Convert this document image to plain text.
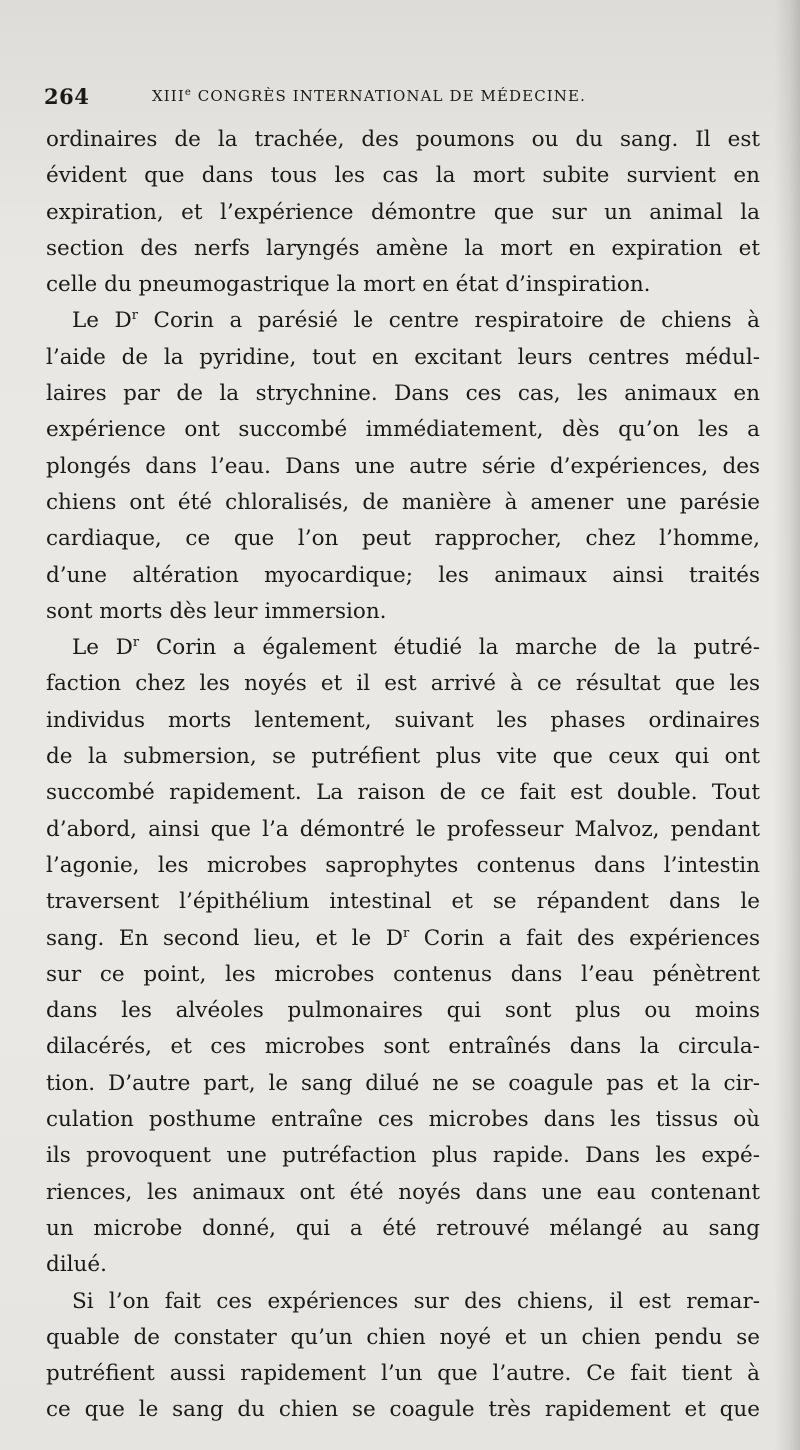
264	XIIIe CONGRÈS INTERNATIONAL DE MÉDECINE.
ordinaires de la trachée, des poumons ou du sang. Il est
évident que dans tous les cas la mort subite survient en
expiration, et l’expérience démontre que sur un animal la
section des nerfs laryngés amène la mort en expiration et
celle du pneumogastrique la mort en état d’inspiration.
Le $D^r$ Corin a parésié le centre respiratoire de chiens à
l’aide de la pyridine, tout en excitant leurs centres médul-
laires par de la strychnine. Dans ces cas, les animaux en
expérience ont succombé immédiatement, dès qu’on les a
plongés dans l’eau. Dans une autre série d’expériences, des
chiens ont été chloralisés, de manière à amener une parésie
cardiaque, ce que l’on peut rapprocher, chez l’homme,
d’une altération myocardique; les animaux ainsi traités
sont morts dès leur immersion.
Le $D^r$ Corin a également étudié la marche de la putré-
faction chez les noyés et il est arrivé à ce résultat que les
individus morts lentement, suivant les phases ordinaires
de la submersion, se putréfient plus vite que ceux qui ont
succombé rapidement. La raison de ce fait est double. Tout
d’abord, ainsi que l’a démontré le professeur Malvoz, pendant
l’agonie, les microbes saprophytes contenus dans l’intestin
traversent l’épithélium intestinal et se répandent dans le
sang. En second lieu, et le $D^r$ Corin a fait des expériences
sur ce point, les microbes contenus dans l’eau pénètrent
dans les alvéoles pulmonaires qui sont plus ou moins
dilacérés, et ces microbes sont entraînés dans la circula-
tion. D’autre part, le sang dilué ne se coagule pas et la cir-
culation posthume entraîne ces microbes dans les tissus où
ils provoquent une putréfaction plus rapide. Dans les expé-
riences, les animaux ont été noyés dans une eau contenant
un microbe donné, qui a été retrouvé mélangé au sang
dilué.
Si l’on fait ces expériences sur des chiens, il est remar-
quable de constater qu’un chien noyé et un chien pendu se
putréfient aussi rapidement l’un que l’autre. Ce fait tient à
ce que le sang du chien se coagule très rapidement et que
